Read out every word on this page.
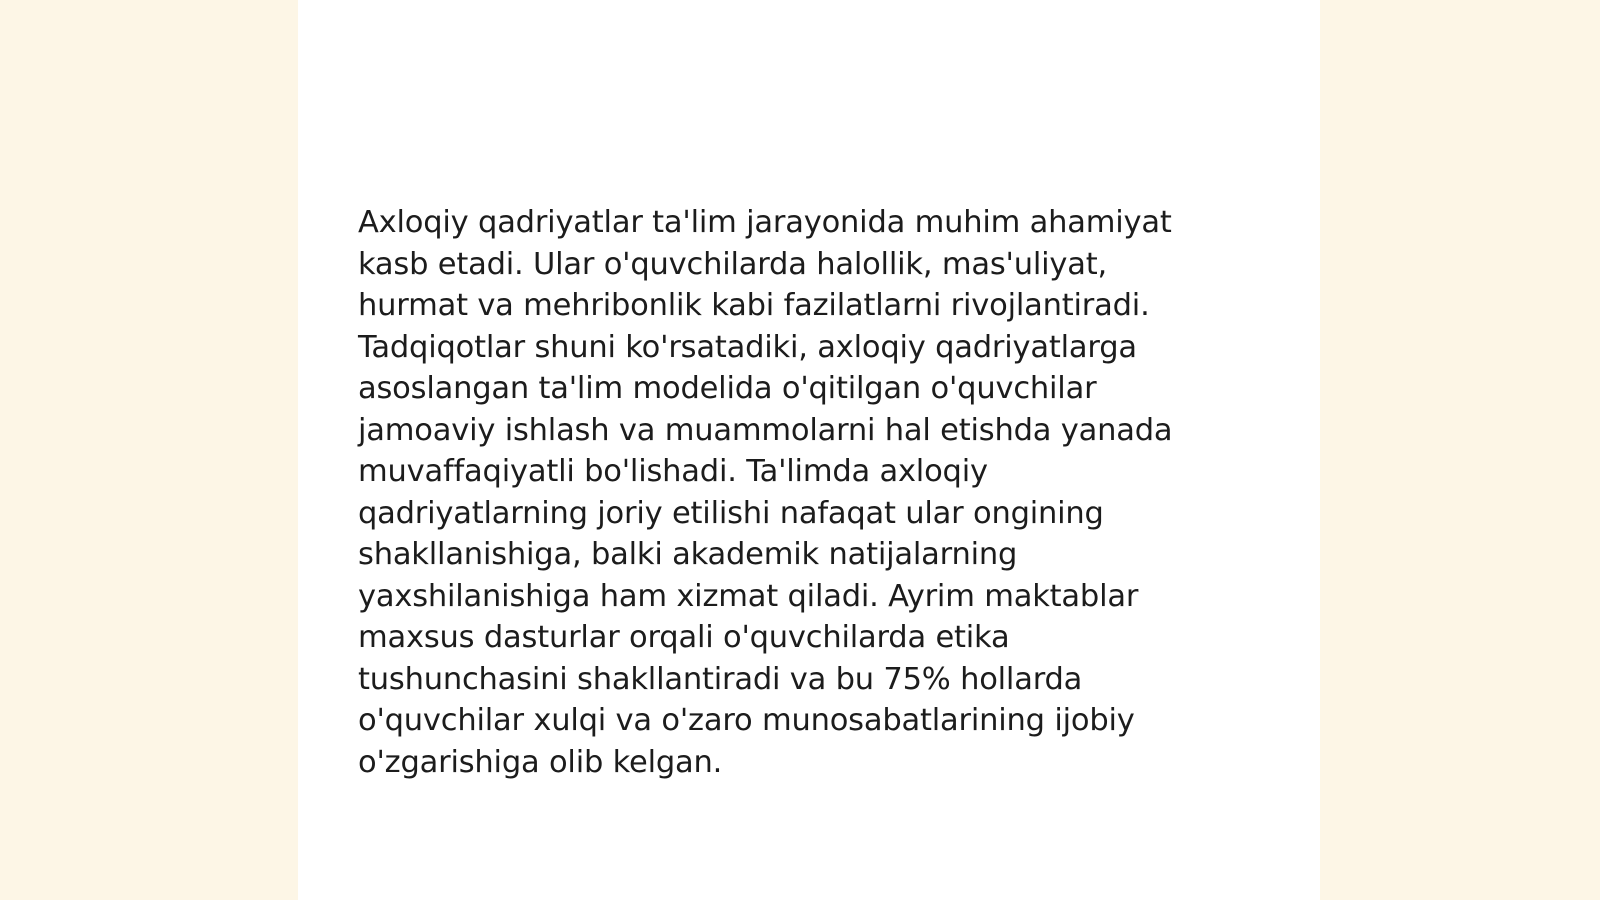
Axloqiy qadriyatlar ta'lim jarayonida muhim ahamiyat
kasb etadi. Ular o'quvchilarda halollik, mas'uliyat,
hurmat va mehribonlik kabi fazilatlarni rivojlantiradi.
Tadqiqotlar shuni ko'rsatadiki, axloqiy qadriyatlarga
asoslangan ta'lim modelida o'qitilgan o'quvchilar
jamoaviy ishlash va muammolarni hal etishda yanada
muvaffaqiyatli bo'lishadi. Ta'limda axloqiy
qadriyatlarning joriy etilishi nafaqat ular ongining
shakllanishiga, balki akademik natijalarning
yaxshilanishiga ham xizmat qiladi. Ayrim maktablar
maxsus dasturlar orqali o'quvchilarda etika
tushunchasini shakllantiradi va bu 75% hollarda
o'quvchilar xulqi va o'zaro munosabatlarining ijobiy
o'zgarishiga olib kelgan.
